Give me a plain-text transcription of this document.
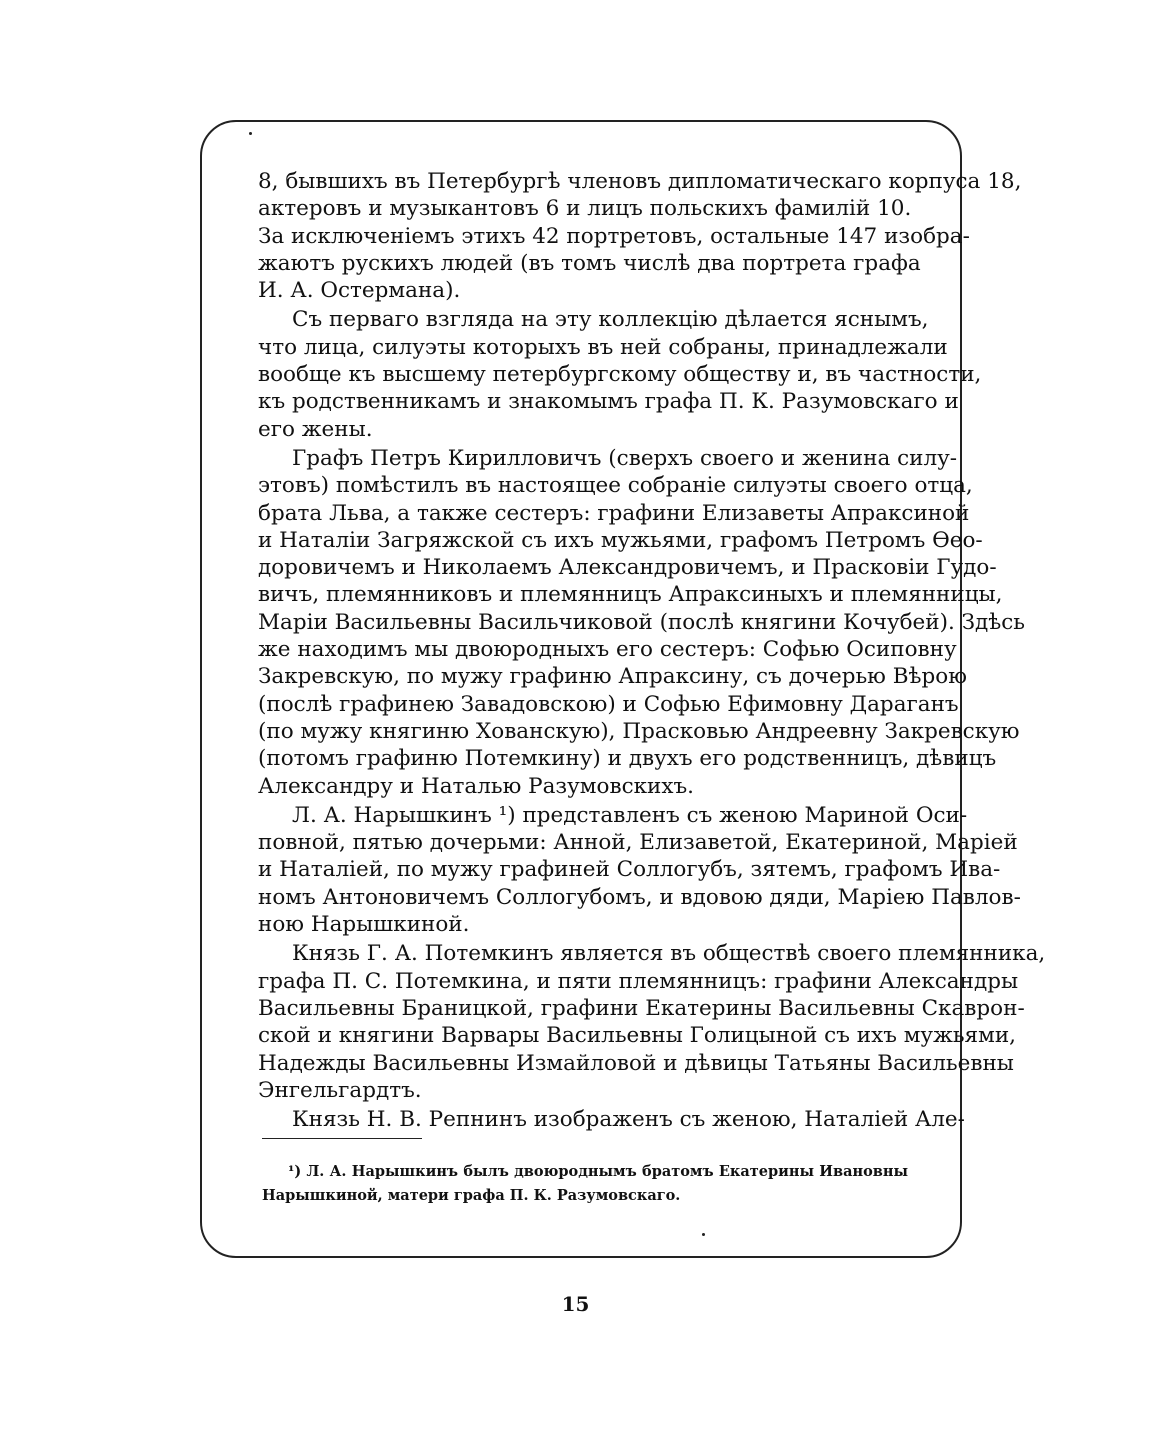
8, бывшихъ въ Петербургѣ членовъ дипломатическаго корпуса 18,
актеровъ и музыкантовъ 6 и лицъ польскихъ фамилій 10.
За исключеніемъ этихъ 42 портретовъ, остальные 147 изобра-
жаютъ рускихъ людей (въ томъ числѣ два портрета графа
И. А. Остермана).
Съ перваго взгляда на эту коллекцію дѣлается яснымъ,
что лица, силуэты которыхъ въ ней собраны, принадлежали
вообще къ высшему петербургскому обществу и, въ частности,
къ родственникамъ и знакомымъ графа П. К. Разумовскаго и
его жены.
Графъ Петръ Кирилловичъ (сверхъ своего и женина силу-
этовъ) помѣстилъ въ настоящее собраніе силуэты своего отца,
брата Льва, а также сестеръ: графини Елизаветы Апраксиной
и Наталіи Загряжской съ ихъ мужьями, графомъ Петромъ Ѳео-
доровичемъ и Николаемъ Александровичемъ, и Прасковіи Гудо-
вичъ, племянниковъ и племянницъ Апраксиныхъ и племянницы,
Маріи Васильевны Васильчиковой (послѣ княгини Кочубей). Здѣсь
же находимъ мы двоюродныхъ его сестеръ: Софью Осиповну
Закревскую, по мужу графиню Апраксину, съ дочерью Вѣрою
(послѣ графинею Завадовскою) и Софью Ефимовну Дараганъ
(по мужу княгиню Хованскую), Прасковью Андреевну Закревскую
(потомъ графиню Потемкину) и двухъ его родственницъ, дѣвицъ
Александру и Наталью Разумовскихъ.
Л. А. Нарышкинъ ¹) представленъ съ женою Мариной Оси-
повной, пятью дочерьми: Анной, Елизаветой, Екатериной, Маріей
и Наталіей, по мужу графиней Соллогубъ, зятемъ, графомъ Ива-
номъ Антоновичемъ Соллогубомъ, и вдовою дяди, Маріею Павлов-
ною Нарышкиной.
Князь Г. А. Потемкинъ является въ обществѣ своего племянника,
графа П. С. Потемкина, и пяти племянницъ: графини Александры
Васильевны Браницкой, графини Екатерины Васильевны Скаврон-
ской и княгини Варвары Васильевны Голицыной съ ихъ мужьями,
Надежды Васильевны Измайловой и дѣвицы Татьяны Васильевны
Энгельгардтъ.
Князь Н. В. Репнинъ изображенъ съ женою, Наталіей Але-
¹) Л. А. Нарышкинъ былъ двоюроднымъ братомъ Екатерины Ивановны
Нарышкиной, матери графа П. К. Разумовскаго.
15
